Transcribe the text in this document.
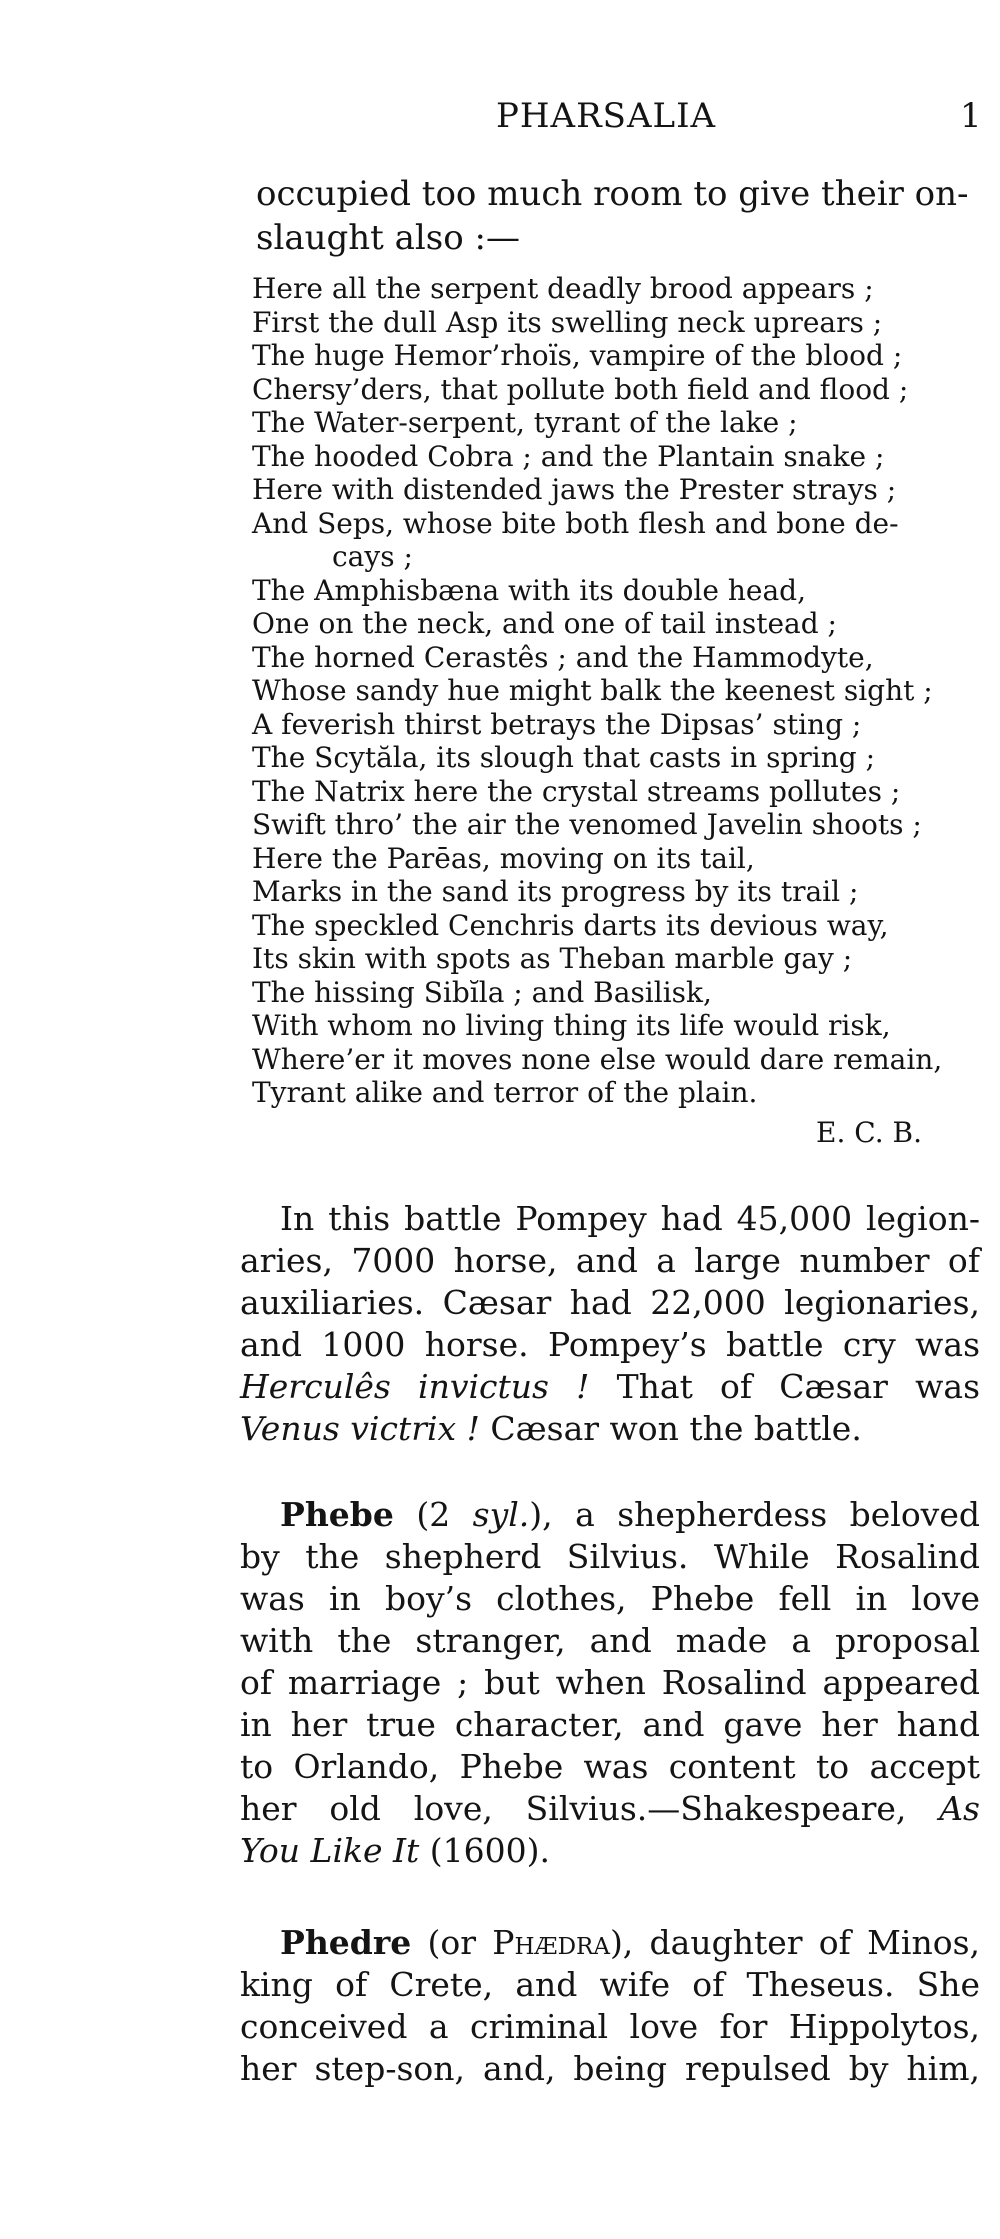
PHARSALIA	1
occupied too much room to give their on-
slaught also :—
Here all the serpent deadly brood appears ;
First the dull Asp its swelling neck uprears ;
The huge Hemor’rhoïs, vampire of the blood ;
Chersy’ders, that pollute both field and flood ;
The Water-serpent, tyrant of the lake ;
The hooded Cobra ; and the Plantain snake ;
Here with distended jaws the Prester strays ;
And Seps, whose bite both flesh and bone de-
cays ;
The Amphisbæna with its double head,
One on the neck, and one of tail instead ;
The horned Cerastês ; and the Hammodyte,
Whose sandy hue might balk the keenest sight ;
A feverish thirst betrays the Dipsas’ sting ;
The Scytăla, its slough that casts in spring ;
The Natrix here the crystal streams pollutes ;
Swift thro’ the air the venomed Javelin shoots ;
Here the Parēas, moving on its tail,
Marks in the sand its progress by its trail ;
The speckled Cenchris darts its devious way,
Its skin with spots as Theban marble gay ;
The hissing Sibĭla ; and Basilisk,
With whom no living thing its life would risk,
Where’er it moves none else would dare remain,
Tyrant alike and terror of the plain.
E. C. B.
In this battle Pompey had 45,000 legion-
aries, 7000 horse, and a large number of
auxiliaries. Cæsar had 22,000 legionaries,
and 1000 horse. Pompey’s battle cry was
Herculês invictus ! That of Cæsar was
Venus victrix ! Cæsar won the battle.
Phebe (2 syl.), a shepherdess beloved
by the shepherd Silvius. While Rosalind
was in boy’s clothes, Phebe fell in love
with the stranger, and made a proposal
of marriage ; but when Rosalind appeared
in her true character, and gave her hand
to Orlando, Phebe was content to accept
her old love, Silvius.—Shakespeare, As
You Like It (1600).
Phedre (or Phædra), daughter of Minos,
king of Crete, and wife of Theseus. She
conceived a criminal love for Hippolytos,
her step-son, and, being repulsed by him,
